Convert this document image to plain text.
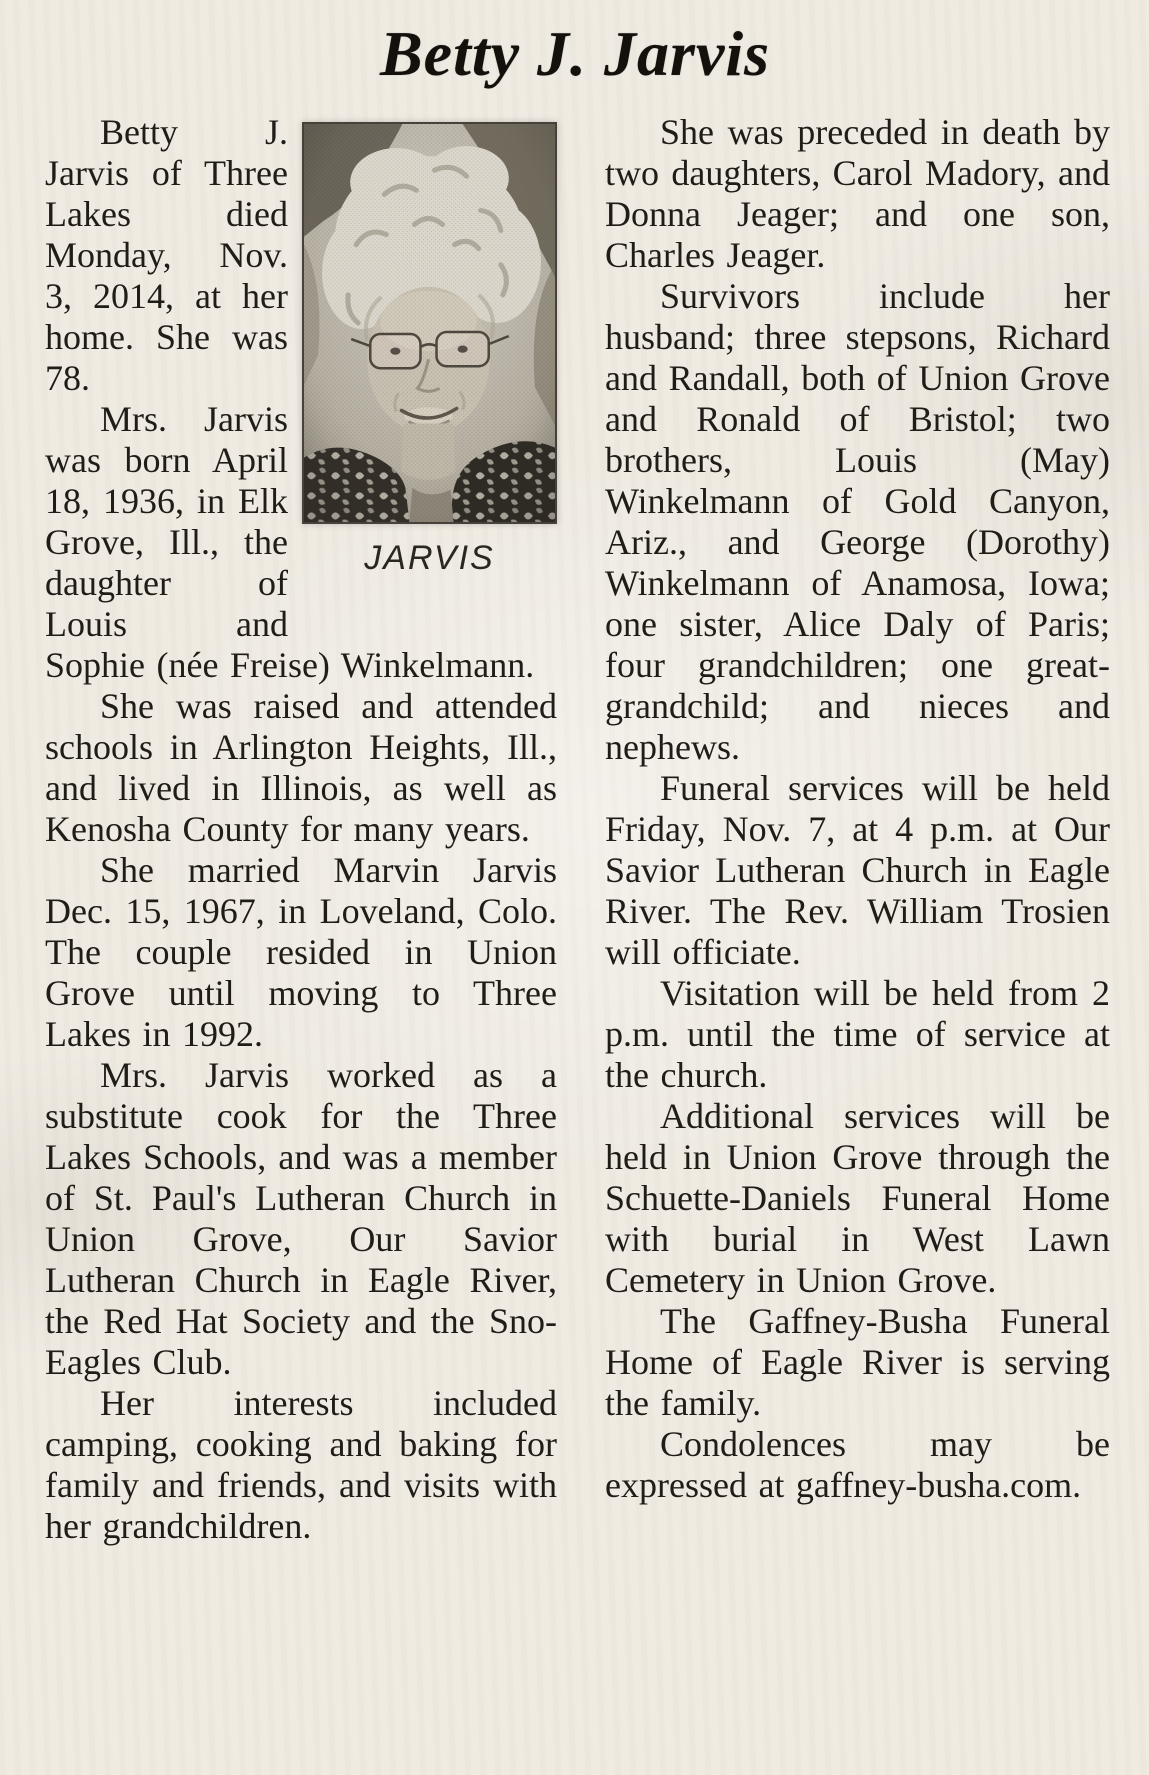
Betty J. Jarvis
JARVIS

Betty J. Jarvis of Three Lakes died Monday, Nov. 3, 2014, at her home. She was 78.

Mrs. Jarvis was born April 18, 1936, in Elk Grove, Ill., the daughter of Louis and Sophie (née Freise) Winkelmann.

She was raised and attended schools in Arlington Heights, Ill., and lived in Illinois, as well as Kenosha County for many years.

She married Marvin Jarvis Dec. 15, 1967, in Loveland, Colo. The couple resided in Union Grove until moving to Three Lakes in 1992.

Mrs. Jarvis worked as a substitute cook for the Three Lakes Schools, and was a member of St. Paul's Lutheran Church in Union Grove, Our Savior Lutheran Church in Eagle River, the Red Hat Society and the Sno-Eagles Club.

Her interests included camping, cooking and baking for family and friends, and visits with her grandchildren.

She was preceded in death by two daughters, Carol Madory, and Donna Jeager; and one son, Charles Jeager.

Survivors include her husband; three stepsons, Richard and Randall, both of Union Grove and Ronald of Bristol; two brothers, Louis (May) Winkelmann of Gold Canyon, Ariz., and George (Dorothy) Winkelmann of Anamosa, Iowa; one sister, Alice Daly of Paris; four grandchildren; one great-grandchild; and nieces and nephews.

Funeral services will be held Friday, Nov. 7, at 4 p.m. at Our Savior Lutheran Church in Eagle River. The Rev. William Trosien will officiate.

Visitation will be held from 2 p.m. until the time of service at the church.

Additional services will be held in Union Grove through the Schuette-Daniels Funeral Home with burial in West Lawn Cemetery in Union Grove.

The Gaffney-Busha Funeral Home of Eagle River is serving the family.

Condolences may be expressed at gaffney-busha.com.
